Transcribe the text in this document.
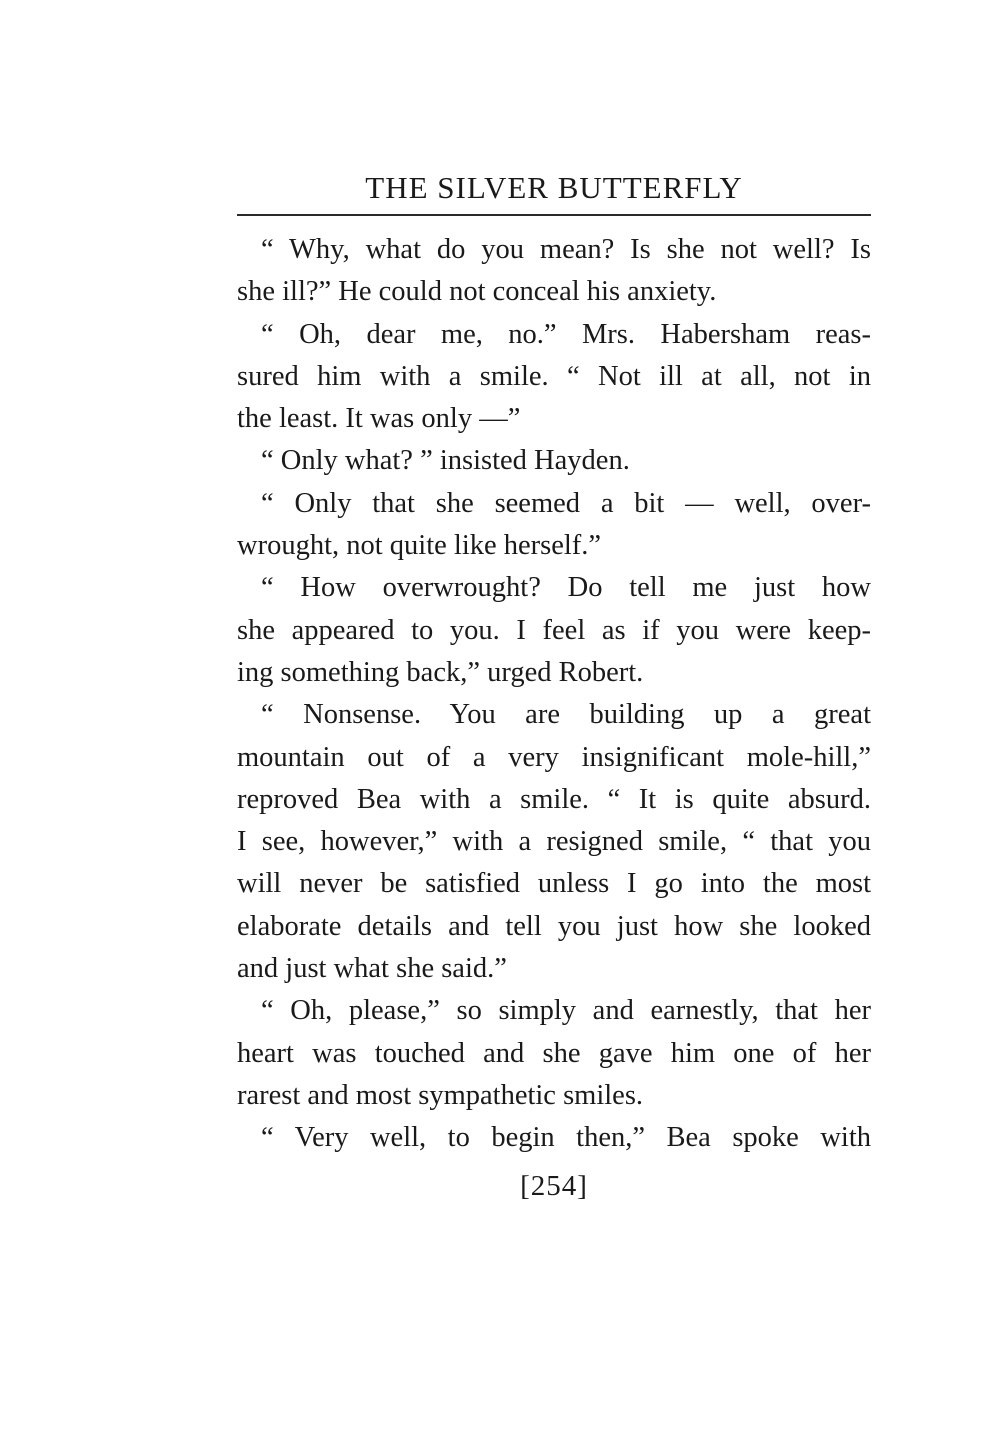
THE SILVER BUTTERFLY
“ Why, what do you mean? Is she not well? Is
she ill?” He could not conceal his anxiety.
“ Oh, dear me, no.” Mrs. Habersham reas-
sured him with a smile. “ Not ill at all, not in
the least. It was only —”
“ Only what? ” insisted Hayden.
“ Only that she seemed a bit — well, over-
wrought, not quite like herself.”
“ How overwrought? Do tell me just how
she appeared to you. I feel as if you were keep-
ing something back,” urged Robert.
“ Nonsense. You are building up a great
mountain out of a very insignificant mole-hill,”
reproved Bea with a smile. “ It is quite absurd.
I see, however,” with a resigned smile, “ that you
will never be satisfied unless I go into the most
elaborate details and tell you just how she looked
and just what she said.”
“ Oh, please,” so simply and earnestly, that her
heart was touched and she gave him one of her
rarest and most sympathetic smiles.
“ Very well, to begin then,” Bea spoke with
[254]
